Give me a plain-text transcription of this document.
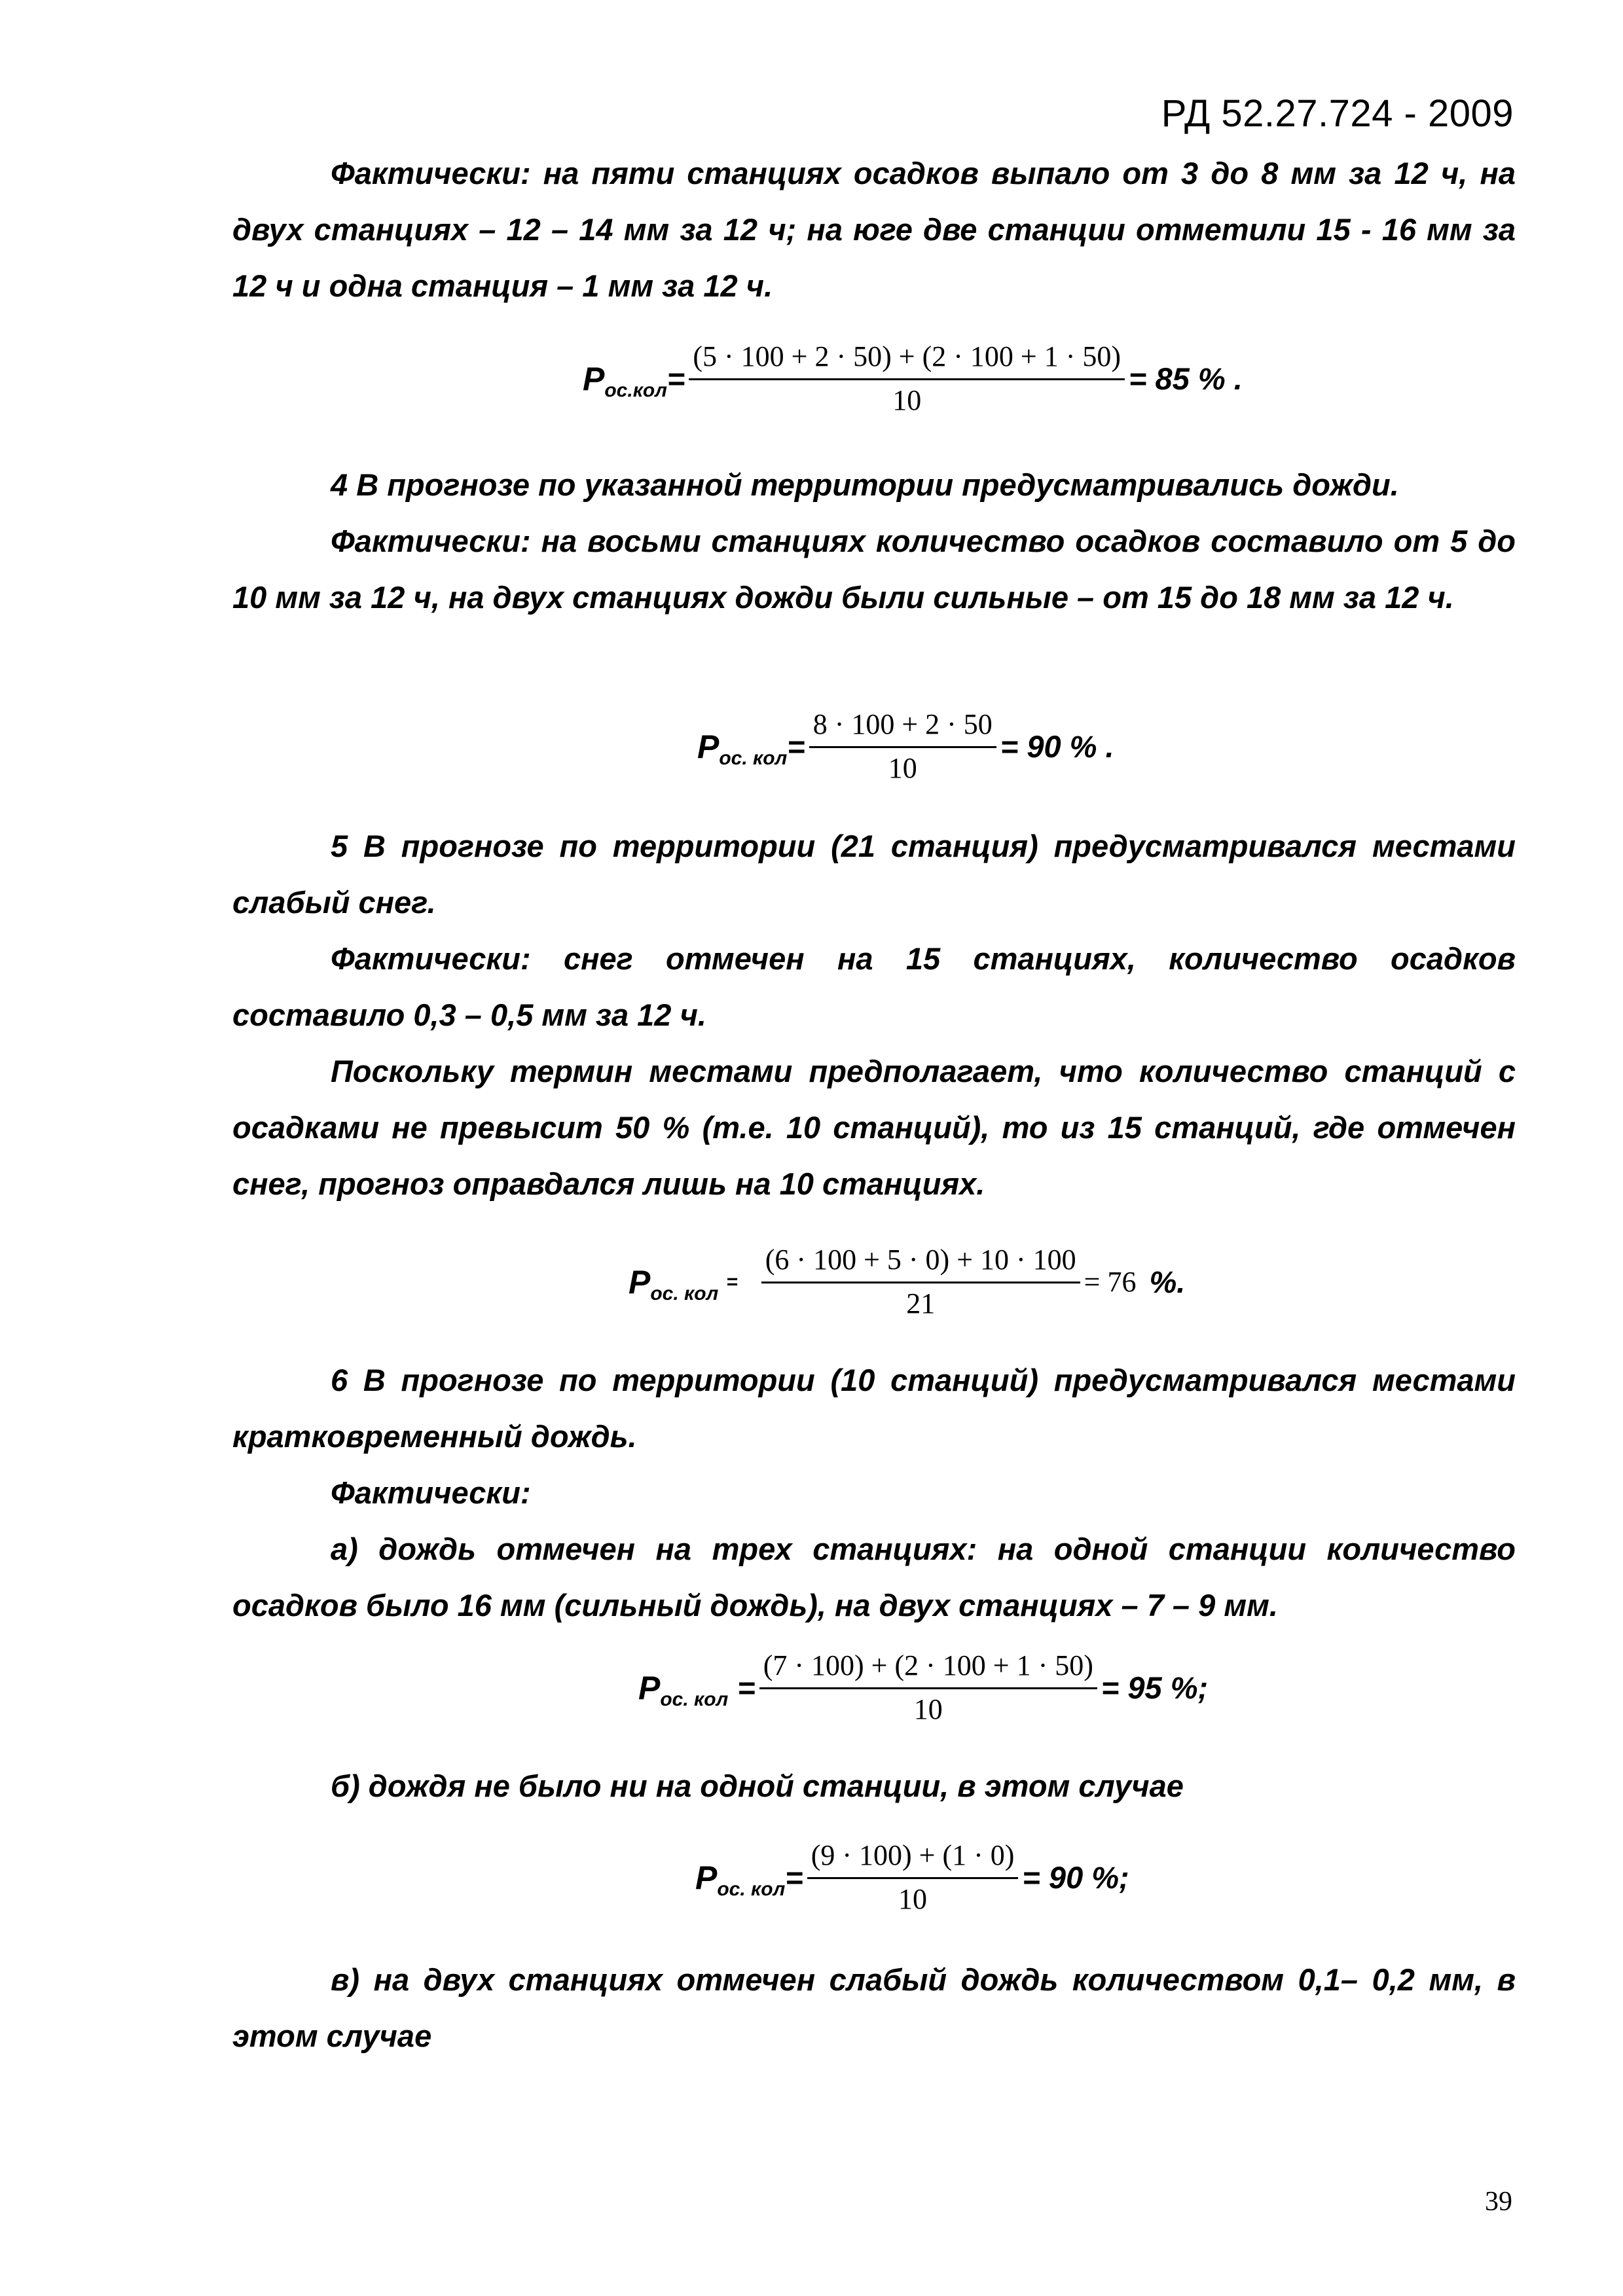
РД 52.27.724 - 2009

Фактически: на пяти станциях осадков выпало от 3 до 8 мм за 12 ч, на двух станциях – 12 – 14 мм за 12 ч; на юге две станции отметили 15 - 16 мм за 12 ч и одна станция – 1 мм за 12 ч.

$P_{ос.кол} = \frac{(5 \cdot 100 + 2 \cdot 50) + (2 \cdot 100 + 1 \cdot 50)}{10} = 85$ % .

4 В прогнозе по указанной территории предусматривались дожди.

Фактически: на восьми станциях количество осадков составило от 5 до 10 мм за 12 ч, на двух станциях дожди были сильные – от 15 до 18 мм за 12 ч.

$P_{ос. кол} = \frac{8 \cdot 100 + 2 \cdot 50}{10} = 90$ % .

5 В прогнозе по территории (21 станция) предусматривался местами слабый снег.

Фактически: снег отмечен на 15 станциях, количество осадков составило 0,3 – 0,5 мм за 12 ч.

Поскольку термин местами предполагает, что количество станций с осадками не превысит 50 % (т.е. 10 станций), то из 15 станций, где отмечен снег, прогноз оправдался лишь на 10 станциях.

$P_{ос. кол}$
= $\frac{(6 \cdot 100 + 5 \cdot 0) + 10 \cdot 100}{21} = 76$ %.

6 В прогнозе по территории (10 станций) предусматривался местами кратковременный дождь.

Фактически:

а) дождь отмечен на трех станциях: на одной станции количество осадков было 16 мм (сильный дождь), на двух станциях – 7 – 9 мм.

$P_{ос. кол} = \frac{(7 \cdot 100) + (2 \cdot 100 + 1 \cdot 50)}{10} = 95$ %;

б) дождя не было ни на одной станции, в этом случае

$P_{ос. кол} = \frac{(9 \cdot 100) + (1 \cdot 0)}{10} = 90$ %;

в) на двух станциях отмечен слабый дождь количеством 0,1– 0,2 мм, в этом случае

39
